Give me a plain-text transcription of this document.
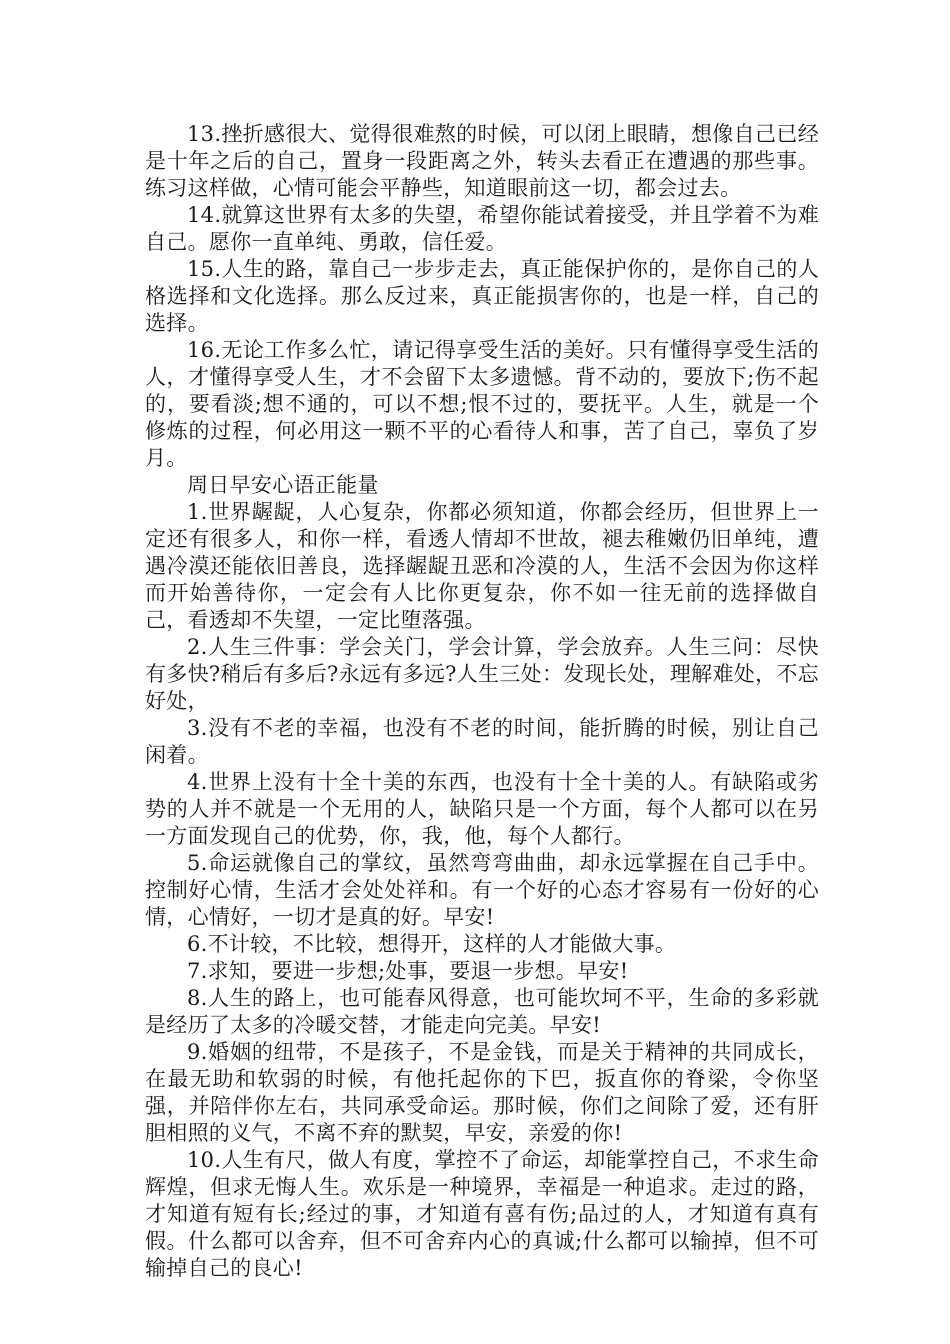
13.挫折感很大、觉得很难熬的时候，可以闭上眼睛，想像自己已经是十年之后的自己，置身一段距离之外，转头去看正在遭遇的那些事。练习这样做，心情可能会平静些，知道眼前这一切，都会过去。

14.就算这世界有太多的失望，希望你能试着接受，并且学着不为难自己。愿你一直单纯、勇敢，信任爱。

15.人生的路，靠自己一步步走去，真正能保护你的，是你自己的人格选择和文化选择。那么反过来，真正能损害你的，也是一样，自己的选择。

16.无论工作多么忙，请记得享受生活的美好。只有懂得享受生活的人，才懂得享受人生，才不会留下太多遗憾。背不动的，要放下;伤不起的，要看淡;想不通的，可以不想;恨不过的，要抚平。人生，就是一个修炼的过程，何必用这一颗不平的心看待人和事，苦了自己，辜负了岁月。

周日早安心语正能量

1.世界龌龊，人心复杂，你都必须知道，你都会经历，但世界上一定还有很多人，和你一样，看透人情却不世故，褪去稚嫩仍旧单纯，遭遇冷漠还能依旧善良，选择龌龊丑恶和冷漠的人，生活不会因为你这样而开始善待你，一定会有人比你更复杂，你不如一往无前的选择做自己，看透却不失望，一定比堕落强。

2.人生三件事：学会关门，学会计算，学会放弃。人生三问：尽快有多快?稍后有多后?永远有多远?人生三处：发现长处，理解难处，不忘好处，

3.没有不老的幸福，也没有不老的时间，能折腾的时候，别让自己闲着。

4.世界上没有十全十美的东西，也没有十全十美的人。有缺陷或劣势的人并不就是一个无用的人，缺陷只是一个方面，每个人都可以在另一方面发现自己的优势，你，我，他，每个人都行。

5.命运就像自己的掌纹，虽然弯弯曲曲，却永远掌握在自己手中。控制好心情，生活才会处处祥和。有一个好的心态才容易有一份好的心情，心情好，一切才是真的好。早安!

6.不计较，不比较，想得开，这样的人才能做大事。

7.求知，要进一步想;处事，要退一步想。早安!

8.人生的路上，也可能春风得意，也可能坎坷不平，生命的多彩就是经历了太多的冷暖交替，才能走向完美。早安!

9.婚姻的纽带，不是孩子，不是金钱，而是关于精神的共同成长，在最无助和软弱的时候，有他托起你的下巴，扳直你的脊梁，令你坚强，并陪伴你左右，共同承受命运。那时候，你们之间除了爱，还有肝胆相照的义气，不离不弃的默契，早安，亲爱的你!

10.人生有尺，做人有度，掌控不了命运，却能掌控自己，不求生命辉煌，但求无悔人生。欢乐是一种境界，幸福是一种追求。走过的路，才知道有短有长;经过的事，才知道有喜有伤;品过的人，才知道有真有假。什么都可以舍弃，但不可舍弃内心的真诚;什么都可以输掉，但不可输掉自己的良心!
